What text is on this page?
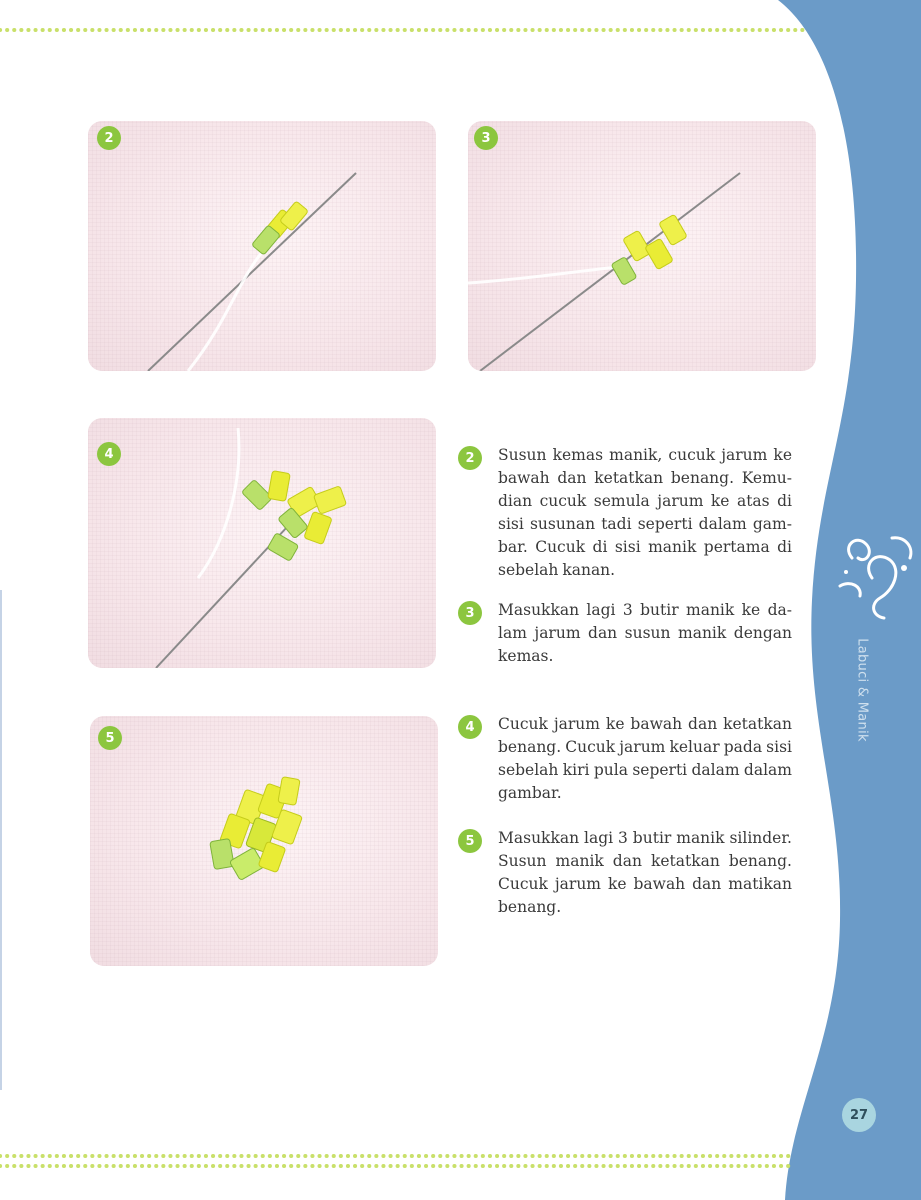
2	3
4
5
2	Susun kemas manik, cucuk jarum ke bawah dan ketatkan benang. Kemu-dian cucuk semula jarum ke atas di sisi susunan tadi seperti dalam gam-bar. Cucuk di sisi manik pertama di sebelah kanan.
3	Masukkan lagi 3 butir manik ke da-lam jarum dan susun manik dengan kemas.
4	Cucuk jarum ke bawah dan ketatkan benang. Cucuk jarum keluar pada sisi sebelah kiri pula seperti dalam dalam gambar.
5	Masukkan lagi 3 butir manik silinder. Susun manik dan ketatkan benang. Cucuk jarum ke bawah dan matikan benang.
Labuci & Manik
27
